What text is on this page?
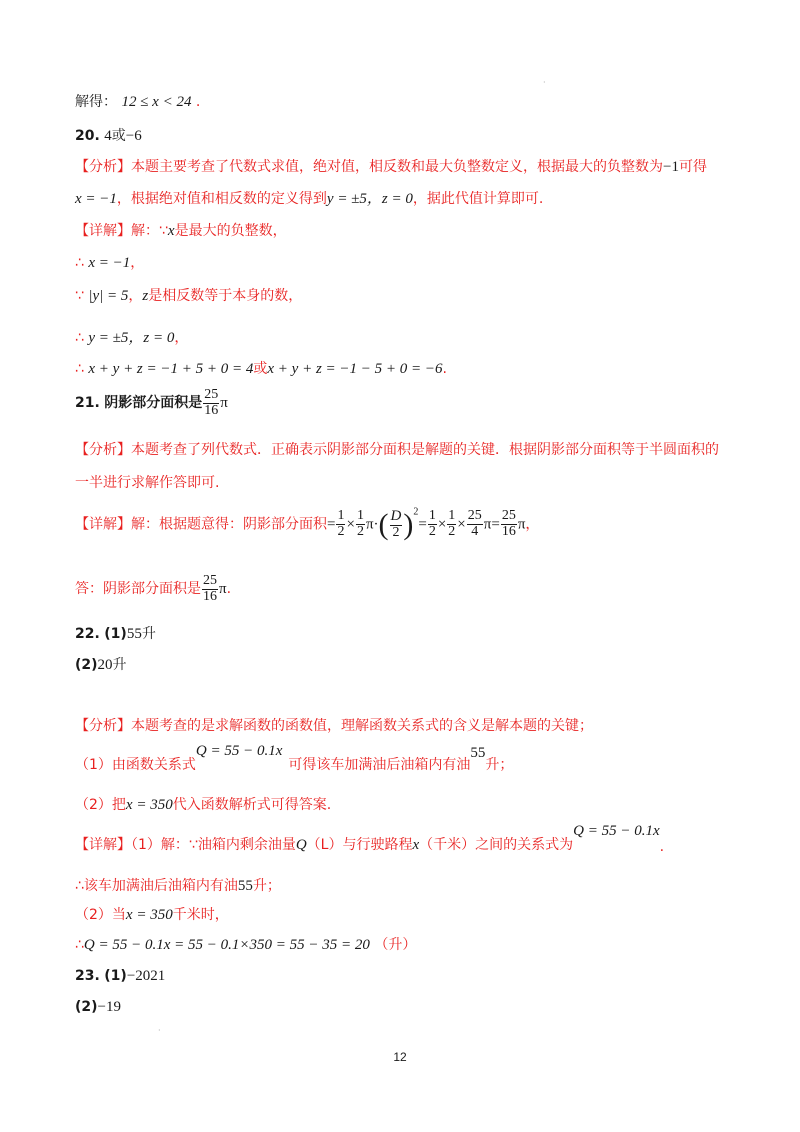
·
·
解得： 12 ≤ x < 24 .
20. 4或−6
【分析】本题主要考查了代数式求值，绝对值，相反数和最大负整数定义，根据最大的负整数为−1可得
x = −1，根据绝对值和相反数的定义得到y = ±5，z = 0，据此代值计算即可.
【详解】解：∵x是最大的负整数，
∴ x = −1，
∵ |y| = 5，z是相反数等于本身的数，
∴ y = ±5，z = 0，
∴ x + y + z = −1 + 5 + 0 = 4或x + y + z = −1 − 5 + 0 = −6.
21. 阴影部分面积是 $\frac{25}{16}$ π
【分析】本题考查了列代数式．正确表示阴影部分面积是解题的关键．根据阴影部分面积等于半圆面积的
一半进行求解作答即可.
【详解】解：根据题意得：阴影部分面积= $\frac{1}{2} \times \frac{1}{2} \pi\cdot( \frac{D}{2} )^2= \frac{1}{2} \times \frac{1}{2} \times \frac{25}{4} \pi= \frac{25}{16}$ π，
答：阴影部分面积是 $\frac{25}{16} \pi$.
22. (1)55升
(2)20升
【分析】本题考查的是求解函数的函数值，理解函数关系式的含义是解本题的关键；
（1）由函数关系式Q = 55 − 0.1x可得该车加满油后油箱内有油55升；
（2）把x = 350代入函数解析式可得答案.
【详解】（1）解：∵油箱内剩余油量Q（L）与行驶路程x（千米）之间的关系式为Q = 55 − 0.1x.
∴该车加满油后油箱内有油55升；
（2）当x = 350千米时，
∴Q = 55 − 0.1x = 55 − 0.1×350 = 55 − 35 = 20 （升）
23. (1)−2021
(2)−19
12
